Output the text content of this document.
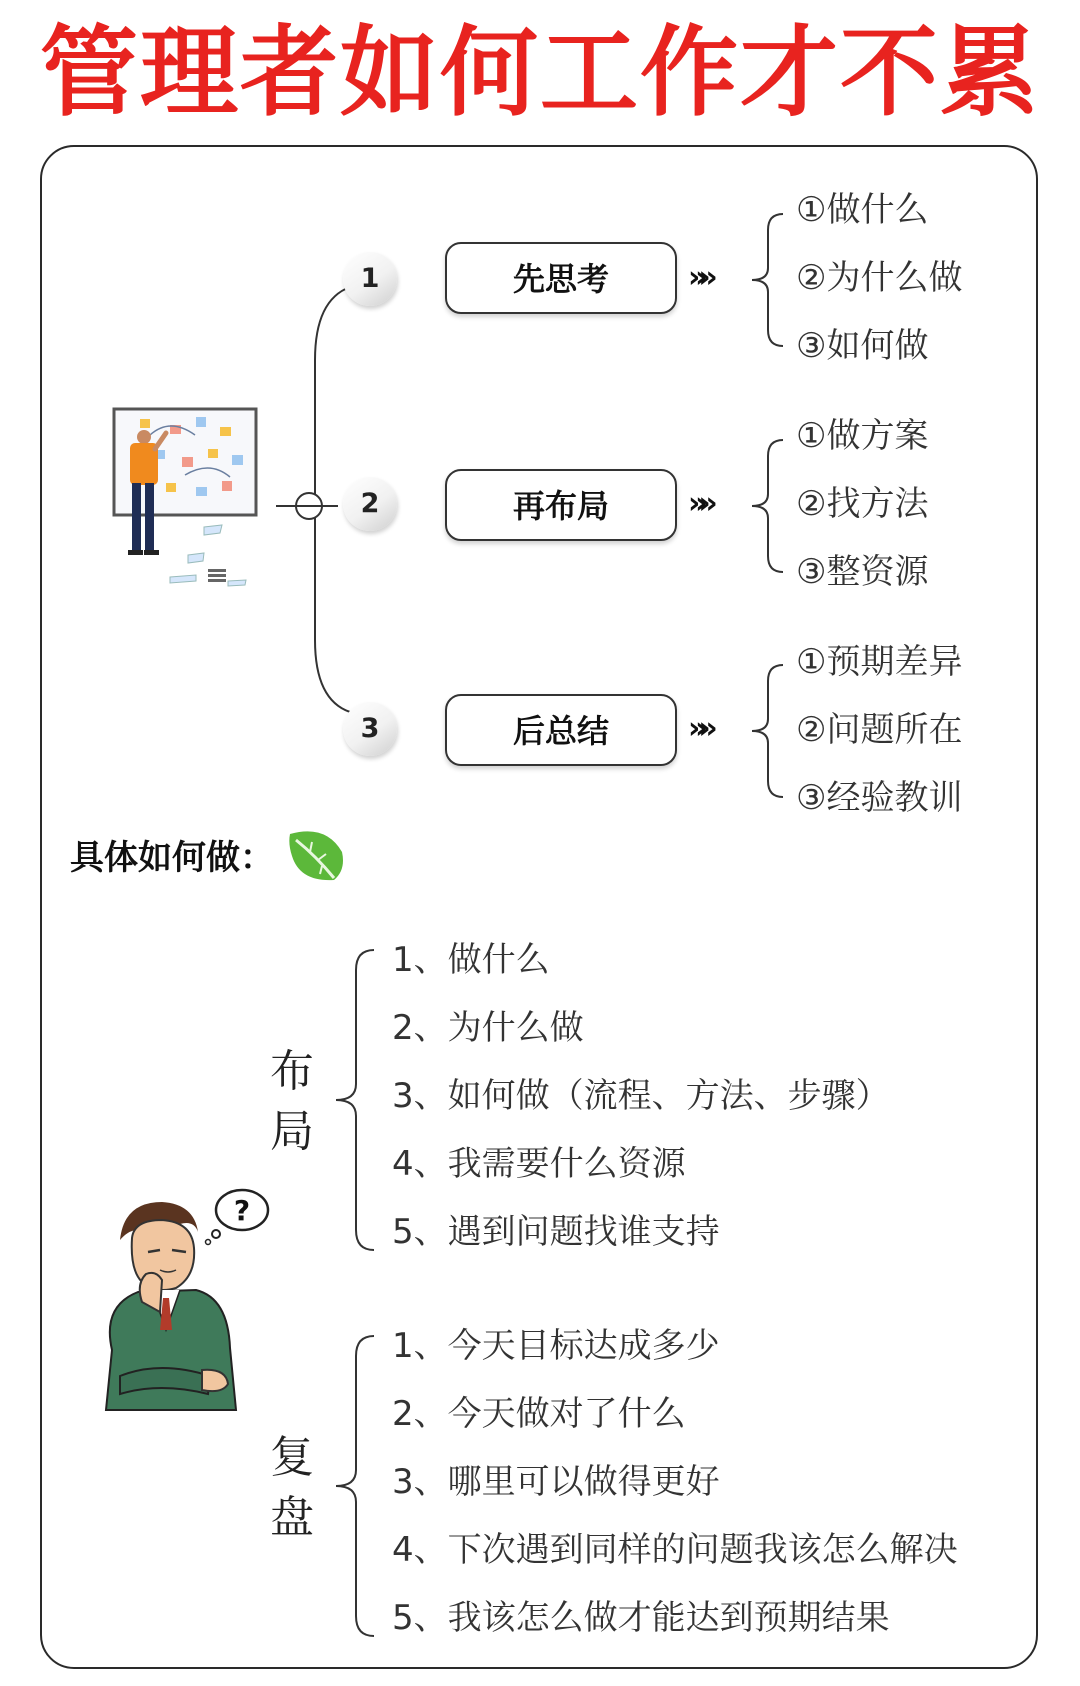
管理者如何工作才不累
1	先思考	»»
①做什么
②为什么做
③如何做
2	再布局	»»
①做方案
②找方法
③整资源
3	后总结	»»
①预期差异
②问题所在
③经验教训
具体如何做：
布
局
1、做什么
2、为什么做
3、如何做（流程、方法、步骤）
4、我需要什么资源
5、遇到问题找谁支持
?
复
盘
1、今天目标达成多少
2、今天做对了什么
3、哪里可以做得更好
4、下次遇到同样的问题我该怎么解决
5、我该怎么做才能达到预期结果
